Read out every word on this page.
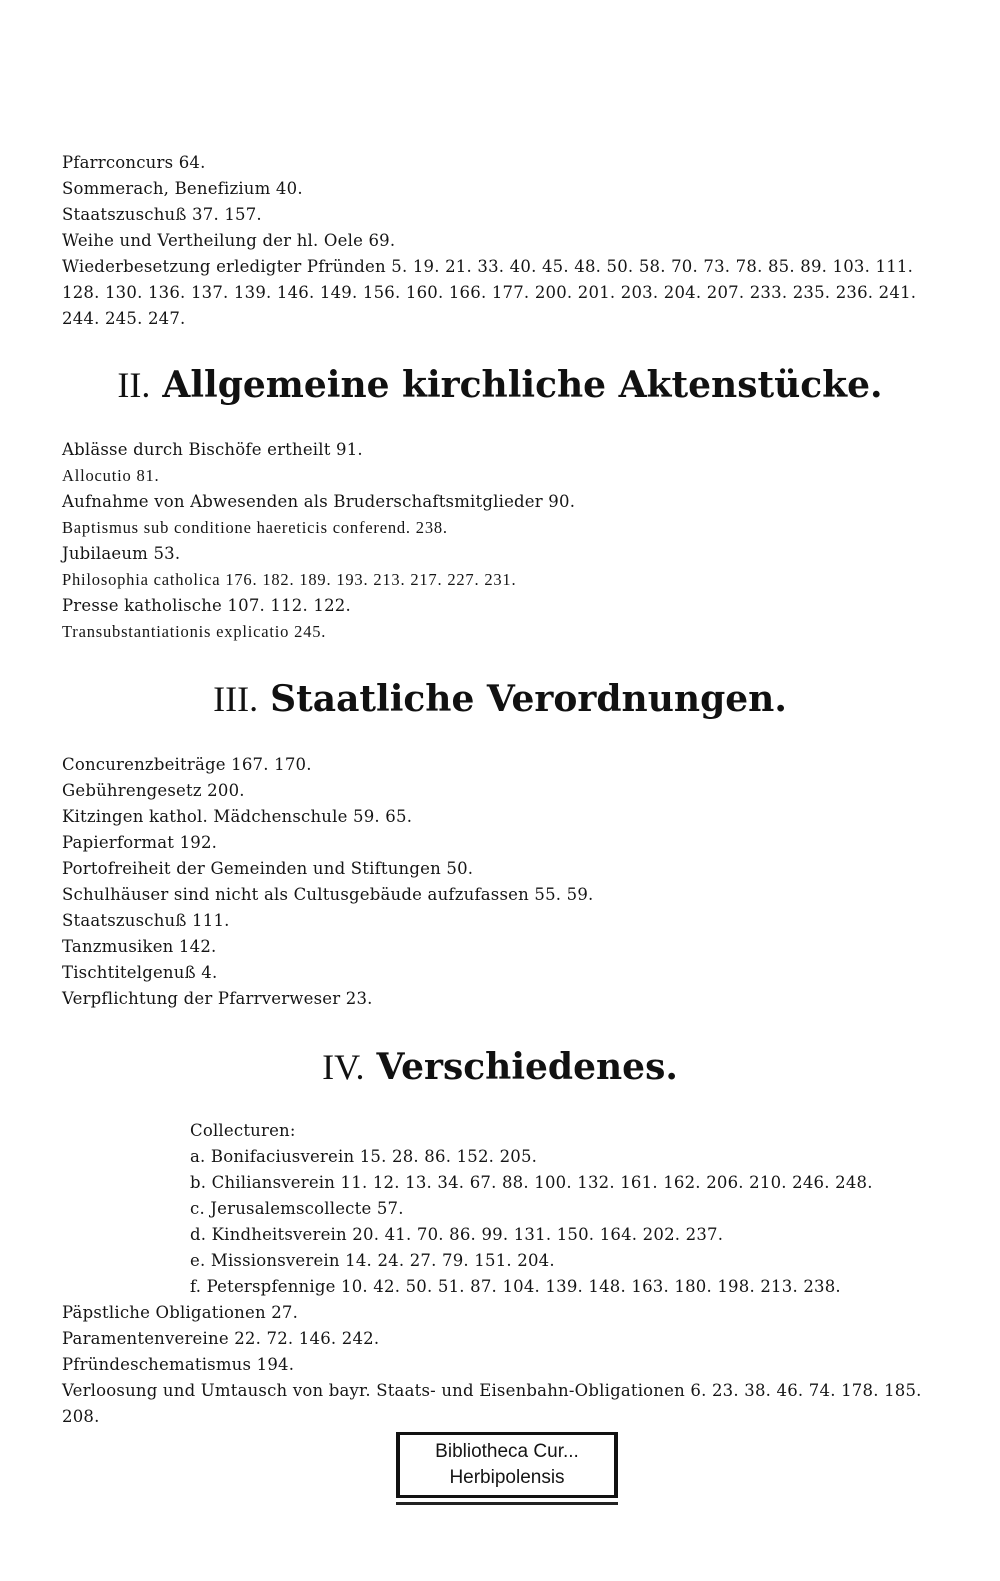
Pfarrconcurs 64.
Sommerach, Benefizium 40.
Staatszuschuß 37. 157.
Weihe und Vertheilung der hl. Oele 69.
Wiederbesetzung erledigter Pfründen 5. 19. 21. 33. 40. 45. 48. 50. 58. 70. 73. 78. 85. 89. 103. 111. 128. 130. 136. 137. 139. 146. 149. 156. 160. 166. 177. 200. 201. 203. 204. 207. 233. 235. 236. 241. 244. 245. 247.
II. Allgemeine kirchliche Aktenstücke.
Ablässe durch Bischöfe ertheilt 91.
Allocutio 81.
Aufnahme von Abwesenden als Bruderschaftsmitglieder 90.
Baptismus sub conditione haereticis conferend. 238.
Jubilaeum 53.
Philosophia catholica 176. 182. 189. 193. 213. 217. 227. 231.
Presse katholische 107. 112. 122.
Transubstantiationis explicatio 245.
III. Staatliche Verordnungen.
Concurenzbeiträge 167. 170.
Gebührengesetz 200.
Kitzingen kathol. Mädchenschule 59. 65.
Papierformat 192.
Portofreiheit der Gemeinden und Stiftungen 50.
Schulhäuser sind nicht als Cultusgebäude aufzufassen 55. 59.
Staatszuschuß 111.
Tanzmusiken 142.
Tischtitelgenuß 4.
Verpflichtung der Pfarrverweser 23.
IV. Verschiedenes.
Collecturen:
a. Bonifaciusverein 15. 28. 86. 152. 205.
b. Chiliansverein 11. 12. 13. 34. 67. 88. 100. 132. 161. 162. 206. 210. 246. 248.
c. Jerusalemscollecte 57.
d. Kindheitsverein 20. 41. 70. 86. 99. 131. 150. 164. 202. 237.
e. Missionsverein 14. 24. 27. 79. 151. 204.
f. Peterspfennige 10. 42. 50. 51. 87. 104. 139. 148. 163. 180. 198. 213. 238.
Päpstliche Obligationen 27.
Paramentenvereine 22. 72. 146. 242.
Pfründeschematismus 194.
Verloosung und Umtausch von bayr. Staats- und Eisenbahn-Obligationen 6. 23. 38. 46. 74. 178. 185. 208.
Bibliotheca Cur...
Herbipolensis
